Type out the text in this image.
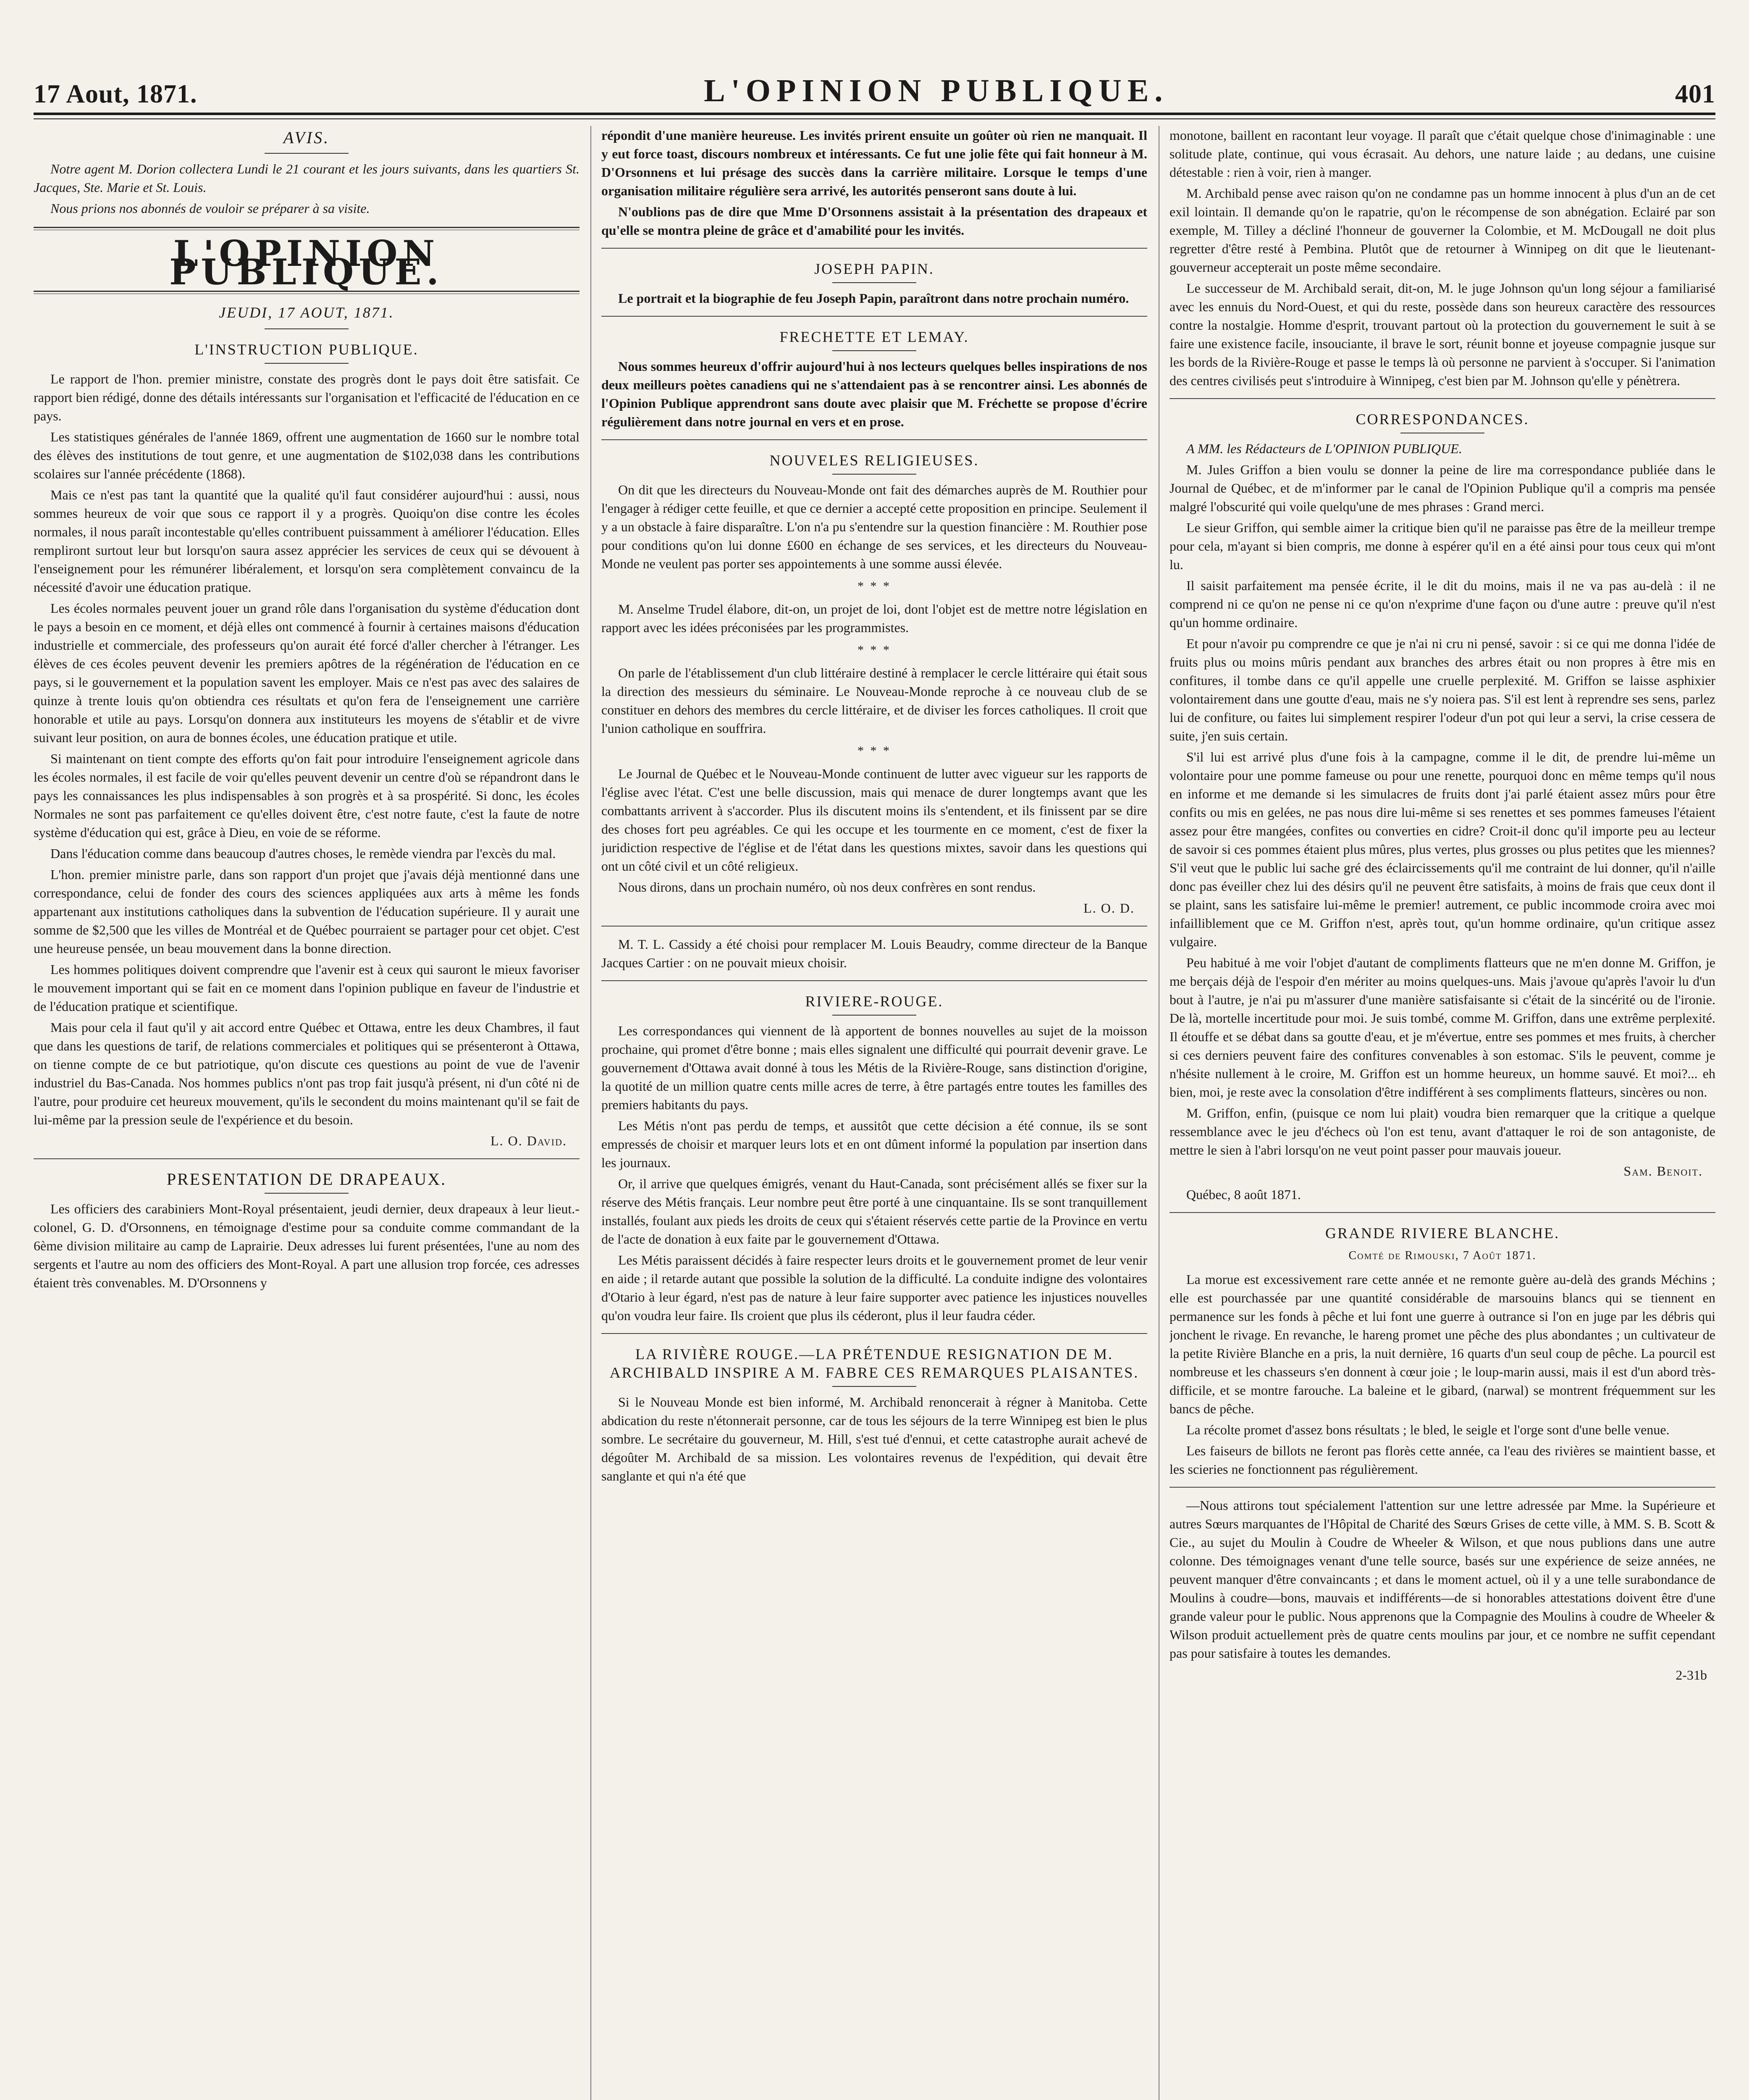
17 Aout, 1871.	L'OPINION PUBLIQUE.	401
AVIS.

Notre agent M. Dorion collectera Lundi le 21 courant et les jours suivants, dans les quartiers St. Jacques, Ste. Marie et St. Louis.

Nous prions nos abonnés de vouloir se préparer à sa visite.

L'OPINION PUBLIQUE.
JEUDI, 17 AOUT, 1871.
L'INSTRUCTION PUBLIQUE.

Le rapport de l'hon. premier ministre, constate des progrès dont le pays doit être satisfait. Ce rapport bien rédigé, donne des détails intéressants sur l'organisation et l'efficacité de l'éducation en ce pays.

Les statistiques générales de l'année 1869, offrent une augmentation de 1660 sur le nombre total des élèves des institutions de tout genre, et une augmentation de $102,038 dans les contributions scolaires sur l'année précédente (1868).

Mais ce n'est pas tant la quantité que la qualité qu'il faut considérer aujourd'hui : aussi, nous sommes heureux de voir que sous ce rapport il y a progrès. Quoiqu'on dise contre les écoles normales, il nous paraît incontestable qu'elles contribuent puissamment à améliorer l'éducation. Elles rempliront surtout leur but lorsqu'on saura assez apprécier les services de ceux qui se dévouent à l'enseignement pour les rémunérer libéralement, et lorsqu'on sera complètement convaincu de la nécessité d'avoir une éducation pratique.

Les écoles normales peuvent jouer un grand rôle dans l'organisation du système d'éducation dont le pays a besoin en ce moment, et déjà elles ont commencé à fournir à certaines maisons d'éducation industrielle et commerciale, des professeurs qu'on aurait été forcé d'aller chercher à l'étranger. Les élèves de ces écoles peuvent devenir les premiers apôtres de la régénération de l'éducation en ce pays, si le gouvernement et la population savent les employer. Mais ce n'est pas avec des salaires de quinze à trente louis qu'on obtiendra ces résultats et qu'on fera de l'enseignement une carrière honorable et utile au pays. Lorsqu'on donnera aux instituteurs les moyens de s'établir et de vivre suivant leur position, on aura de bonnes écoles, une éducation pratique et utile.

Si maintenant on tient compte des efforts qu'on fait pour introduire l'enseignement agricole dans les écoles normales, il est facile de voir qu'elles peuvent devenir un centre d'où se répandront dans le pays les connaissances les plus indispensables à son progrès et à sa prospérité. Si donc, les écoles Normales ne sont pas parfaitement ce qu'elles doivent être, c'est notre faute, c'est la faute de notre système d'éducation qui est, grâce à Dieu, en voie de se réforme.

Dans l'éducation comme dans beaucoup d'autres choses, le remède viendra par l'excès du mal.

L'hon. premier ministre parle, dans son rapport d'un projet que j'avais déjà mentionné dans une correspondance, celui de fonder des cours des sciences appliquées aux arts à même les fonds appartenant aux institutions catholiques dans la subvention de l'éducation supérieure. Il y aurait une somme de $2,500 que les villes de Montréal et de Québec pourraient se partager pour cet objet. C'est une heureuse pensée, un beau mouvement dans la bonne direction.

Les hommes politiques doivent comprendre que l'avenir est à ceux qui sauront le mieux favoriser le mouvement important qui se fait en ce moment dans l'opinion publique en faveur de l'industrie et de l'éducation pratique et scientifique.

Mais pour cela il faut qu'il y ait accord entre Québec et Ottawa, entre les deux Chambres, il faut que dans les questions de tarif, de relations commerciales et politiques qui se présenteront à Ottawa, on tienne compte de ce but patriotique, qu'on discute ces questions au point de vue de l'avenir industriel du Bas-Canada. Nos hommes publics n'ont pas trop fait jusqu'à présent, ni d'un côté ni de l'autre, pour produire cet heureux mouvement, qu'ils le secondent du moins maintenant qu'il se fait de lui-même par la pression seule de l'expérience et du besoin.

L. O. David.

PRESENTATION DE DRAPEAUX.

Les officiers des carabiniers Mont-Royal présentaient, jeudi dernier, deux drapeaux à leur lieut.-colonel, G. D. d'Orsonnens, en témoignage d'estime pour sa conduite comme commandant de la 6ème division militaire au camp de Laprairie. Deux adresses lui furent présentées, l'une au nom des sergents et l'autre au nom des officiers des Mont-Royal. A part une allusion trop forcée, ces adresses étaient très convenables. M. D'Orsonnens y

répondit d'une manière heureuse. Les invités prirent ensuite un goûter où rien ne manquait. Il y eut force toast, discours nombreux et intéressants. Ce fut une jolie fête qui fait honneur à M. D'Orsonnens et lui présage des succès dans la carrière militaire. Lorsque le temps d'une organisation militaire régulière sera arrivé, les autorités penseront sans doute à lui.

N'oublions pas de dire que Mme D'Orsonnens assistait à la présentation des drapeaux et qu'elle se montra pleine de grâce et d'amabilité pour les invités.

JOSEPH PAPIN.

Le portrait et la biographie de feu Joseph Papin, paraîtront dans notre prochain numéro.

FRECHETTE ET LEMAY.

Nous sommes heureux d'offrir aujourd'hui à nos lecteurs quelques belles inspirations de nos deux meilleurs poètes canadiens qui ne s'attendaient pas à se rencontrer ainsi. Les abonnés de l'Opinion Publique apprendront sans doute avec plaisir que M. Fréchette se propose d'écrire régulièrement dans notre journal en vers et en prose.

NOUVELES RELIGIEUSES.

On dit que les directeurs du Nouveau-Monde ont fait des démarches auprès de M. Routhier pour l'engager à rédiger cette feuille, et que ce dernier a accepté cette proposition en principe. Seulement il y a un obstacle à faire disparaître. L'on n'a pu s'entendre sur la question financière : M. Routhier pose pour conditions qu'on lui donne £600 en échange de ses services, et les directeurs du Nouveau-Monde ne veulent pas porter ses appointements à une somme aussi élevée.

* * *

M. Anselme Trudel élabore, dit-on, un projet de loi, dont l'objet est de mettre notre législation en rapport avec les idées préconisées par les programmistes.

* * *

On parle de l'établissement d'un club littéraire destiné à remplacer le cercle littéraire qui était sous la direction des messieurs du séminaire. Le Nouveau-Monde reproche à ce nouveau club de se constituer en dehors des membres du cercle littéraire, et de diviser les forces catholiques. Il croit que l'union catholique en souffrira.

* * *

Le Journal de Québec et le Nouveau-Monde continuent de lutter avec vigueur sur les rapports de l'église avec l'état. C'est une belle discussion, mais qui menace de durer longtemps avant que les combattants arrivent à s'accorder. Plus ils discutent moins ils s'entendent, et ils finissent par se dire des choses fort peu agréables. Ce qui les occupe et les tourmente en ce moment, c'est de fixer la juridiction respective de l'église et de l'état dans les questions mixtes, savoir dans les questions qui ont un côté civil et un côté religieux.

Nous dirons, dans un prochain numéro, où nos deux confrères en sont rendus.

L. O. D.

M. T. L. Cassidy a été choisi pour remplacer M. Louis Beaudry, comme directeur de la Banque Jacques Cartier : on ne pouvait mieux choisir.

RIVIERE-ROUGE.

Les correspondances qui viennent de là apportent de bonnes nouvelles au sujet de la moisson prochaine, qui promet d'être bonne ; mais elles signalent une difficulté qui pourrait devenir grave. Le gouvernement d'Ottawa avait donné à tous les Métis de la Rivière-Rouge, sans distinction d'origine, la quotité de un million quatre cents mille acres de terre, à être partagés entre toutes les familles des premiers habitants du pays.

Les Métis n'ont pas perdu de temps, et aussitôt que cette décision a été connue, ils se sont empressés de choisir et marquer leurs lots et en ont dûment informé la population par insertion dans les journaux.

Or, il arrive que quelques émigrés, venant du Haut-Canada, sont précisément allés se fixer sur la réserve des Métis français. Leur nombre peut être porté à une cinquantaine. Ils se sont tranquillement installés, foulant aux pieds les droits de ceux qui s'étaient réservés cette partie de la Province en vertu de l'acte de donation à eux faite par le gouvernement d'Ottawa.

Les Métis paraissent décidés à faire respecter leurs droits et le gouvernement promet de leur venir en aide ; il retarde autant que possible la solution de la difficulté. La conduite indigne des volontaires d'Otario à leur égard, n'est pas de nature à leur faire supporter avec patience les injustices nouvelles qu'on voudra leur faire. Ils croient que plus ils céderont, plus il leur faudra céder.

LA RIVIÈRE ROUGE.—LA PRÉTENDUE RESIGNATION DE M. ARCHIBALD INSPIRE A M. FABRE CES REMARQUES PLAISANTES.

Si le Nouveau Monde est bien informé, M. Archibald renoncerait à régner à Manitoba. Cette abdication du reste n'étonnerait personne, car de tous les séjours de la terre Winnipeg est bien le plus sombre. Le secrétaire du gouverneur, M. Hill, s'est tué d'ennui, et cette catastrophe aurait achevé de dégoûter M. Archibald de sa mission. Les volontaires revenus de l'expédition, qui devait être sanglante et qui n'a été que

monotone, baillent en racontant leur voyage. Il paraît que c'était quelque chose d'inimaginable : une solitude plate, continue, qui vous écrasait. Au dehors, une nature laide ; au dedans, une cuisine détestable : rien à voir, rien à manger.

M. Archibald pense avec raison qu'on ne condamne pas un homme innocent à plus d'un an de cet exil lointain. Il demande qu'on le rapatrie, qu'on le récompense de son abnégation. Eclairé par son exemple, M. Tilley a décliné l'honneur de gouverner la Colombie, et M. McDougall ne doit plus regretter d'être resté à Pembina. Plutôt que de retourner à Winnipeg on dit que le lieutenant-gouverneur accepterait un poste même secondaire.

Le successeur de M. Archibald serait, dit-on, M. le juge Johnson qu'un long séjour a familiarisé avec les ennuis du Nord-Ouest, et qui du reste, possède dans son heureux caractère des ressources contre la nostalgie. Homme d'esprit, trouvant partout où la protection du gouvernement le suit à se faire une existence facile, insouciante, il brave le sort, réunit bonne et joyeuse compagnie jusque sur les bords de la Rivière-Rouge et passe le temps là où personne ne parvient à s'occuper. Si l'animation des centres civilisés peut s'introduire à Winnipeg, c'est bien par M. Johnson qu'elle y pénètrera.

CORRESPONDANCES.

A MM. les Rédacteurs de L'OPINION PUBLIQUE.

M. Jules Griffon a bien voulu se donner la peine de lire ma correspondance publiée dans le Journal de Québec, et de m'informer par le canal de l'Opinion Publique qu'il a compris ma pensée malgré l'obscurité qui voile quelqu'une de mes phrases : Grand merci.

Le sieur Griffon, qui semble aimer la critique bien qu'il ne paraisse pas être de la meilleur trempe pour cela, m'ayant si bien compris, me donne à espérer qu'il en a été ainsi pour tous ceux qui m'ont lu.

Il saisit parfaitement ma pensée écrite, il le dit du moins, mais il ne va pas au-delà : il ne comprend ni ce qu'on ne pense ni ce qu'on n'exprime d'une façon ou d'une autre : preuve qu'il n'est qu'un homme ordinaire.

Et pour n'avoir pu comprendre ce que je n'ai ni cru ni pensé, savoir : si ce qui me donna l'idée de fruits plus ou moins mûris pendant aux branches des arbres était ou non propres à être mis en confitures, il tombe dans ce qu'il appelle une cruelle perplexité. M. Griffon se laisse asphixier volontairement dans une goutte d'eau, mais ne s'y noiera pas. S'il est lent à reprendre ses sens, parlez lui de confiture, ou faites lui simplement respirer l'odeur d'un pot qui leur a servi, la crise cessera de suite, j'en suis certain.

S'il lui est arrivé plus d'une fois à la campagne, comme il le dit, de prendre lui-même un volontaire pour une pomme fameuse ou pour une renette, pourquoi donc en même temps qu'il nous en informe et me demande si les simulacres de fruits dont j'ai parlé étaient assez mûrs pour être confits ou mis en gelées, ne pas nous dire lui-même si ses renettes et ses pommes fameuses l'étaient assez pour être mangées, confites ou converties en cidre? Croit-il donc qu'il importe peu au lecteur de savoir si ces pommes étaient plus mûres, plus vertes, plus grosses ou plus petites que les miennes? S'il veut que le public lui sache gré des éclaircissements qu'il me contraint de lui donner, qu'il n'aille donc pas éveiller chez lui des désirs qu'il ne peuvent être satisfaits, à moins de frais que ceux dont il se plaint, sans les satisfaire lui-même le premier! autrement, ce public incommode croira avec moi infailliblement que ce M. Griffon n'est, après tout, qu'un homme ordinaire, qu'un critique assez vulgaire.

Peu habitué à me voir l'objet d'autant de compliments flatteurs que ne m'en donne M. Griffon, je me berçais déjà de l'espoir d'en mériter au moins quelques-uns. Mais j'avoue qu'après l'avoir lu d'un bout à l'autre, je n'ai pu m'assurer d'une manière satisfaisante si c'était de la sincérité ou de l'ironie. De là, mortelle incertitude pour moi. Je suis tombé, comme M. Griffon, dans une extrême perplexité. Il étouffe et se débat dans sa goutte d'eau, et je m'évertue, entre ses pommes et mes fruits, à chercher si ces derniers peuvent faire des confitures convenables à son estomac. S'ils le peuvent, comme je n'hésite nullement à le croire, M. Griffon est un homme heureux, un homme sauvé. Et moi?... eh bien, moi, je reste avec la consolation d'être indifférent à ses compliments flatteurs, sincères ou non.

M. Griffon, enfin, (puisque ce nom lui plait) voudra bien remarquer que la critique a quelque ressemblance avec le jeu d'échecs où l'on est tenu, avant d'attaquer le roi de son antagoniste, de mettre le sien à l'abri lorsqu'on ne veut point passer pour mauvais joueur.

Sam. Benoit.

Québec, 8 août 1871.

GRANDE RIVIERE BLANCHE.
Comté de Rimouski, 7 Août 1871.

La morue est excessivement rare cette année et ne remonte guère au-delà des grands Méchins ; elle est pourchassée par une quantité considérable de marsouins blancs qui se tiennent en permanence sur les fonds à pêche et lui font une guerre à outrance si l'on en juge par les débris qui jonchent le rivage. En revanche, le hareng promet une pêche des plus abondantes ; un cultivateur de la petite Rivière Blanche en a pris, la nuit dernière, 16 quarts d'un seul coup de pêche. La pourcil est nombreuse et les chasseurs s'en donnent à cœur joie ; le loup-marin aussi, mais il est d'un abord très-difficile, et se montre farouche. La baleine et le gibard, (narwal) se montrent fréquemment sur les bancs de pêche.

La récolte promet d'assez bons résultats ; le bled, le seigle et l'orge sont d'une belle venue.

Les faiseurs de billots ne feront pas florès cette année, ca l'eau des rivières se maintient basse, et les scieries ne fonctionnent pas régulièrement.

—Nous attirons tout spécialement l'attention sur une lettre adressée par Mme. la Supérieure et autres Sœurs marquantes de l'Hôpital de Charité des Sœurs Grises de cette ville, à MM. S. B. Scott & Cie., au sujet du Moulin à Coudre de Wheeler & Wilson, et que nous publions dans une autre colonne. Des témoignages venant d'une telle source, basés sur une expérience de seize années, ne peuvent manquer d'être convaincants ; et dans le moment actuel, où il y a une telle surabondance de Moulins à coudre—bons, mauvais et indifférents—de si honorables attestations doivent être d'une grande valeur pour le public. Nous apprenons que la Compagnie des Moulins à coudre de Wheeler & Wilson produit actuellement près de quatre cents moulins par jour, et ce nombre ne suffit cependant pas pour satisfaire à toutes les demandes.

2-31b
